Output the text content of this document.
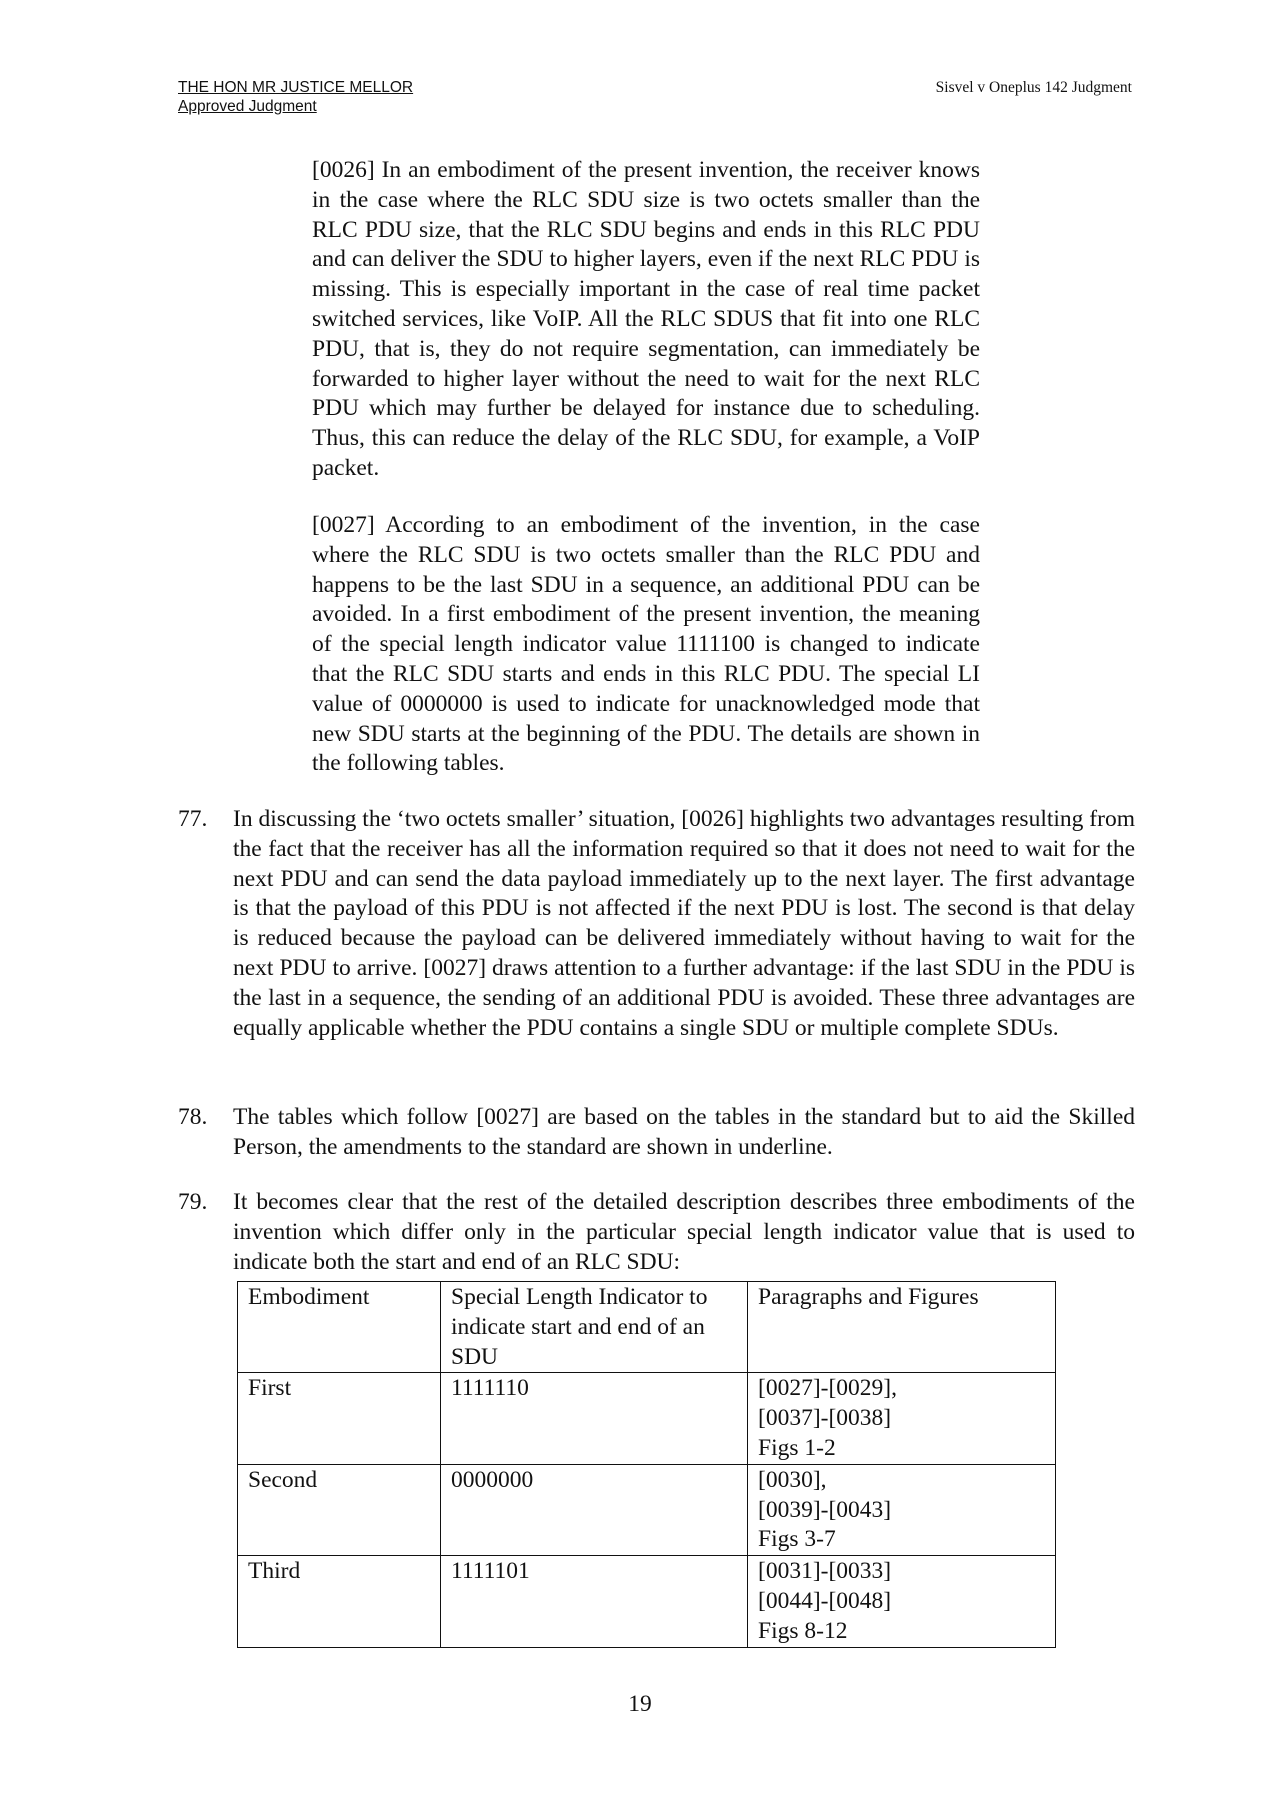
THE HON MR JUSTICE MELLOR
Approved Judgment
Sisvel v Oneplus 142 Judgment

[0026] In an embodiment of the present invention, the receiver knows in the case where the RLC SDU size is two octets smaller than the RLC PDU size, that the RLC SDU begins and ends in this RLC PDU and can deliver the SDU to higher layers, even if the next RLC PDU is missing. This is especially important in the case of real time packet switched services, like VoIP. All the RLC SDUS that fit into one RLC PDU, that is, they do not require segmentation, can immediately be forwarded to higher layer without the need to wait for the next RLC PDU which may further be delayed for instance due to scheduling. Thus, this can reduce the delay of the RLC SDU, for example, a VoIP packet.

[0027] According to an embodiment of the invention, in the case where the RLC SDU is two octets smaller than the RLC PDU and happens to be the last SDU in a sequence, an additional PDU can be avoided. In a first embodiment of the present invention, the meaning of the special length indicator value 1111100 is changed to indicate that the RLC SDU starts and ends in this RLC PDU. The special LI value of 0000000 is used to indicate for unacknowledged mode that new SDU starts at the beginning of the PDU. The details are shown in the following tables.

77. In discussing the ‘two octets smaller’ situation, [0026] highlights two advantages resulting from the fact that the receiver has all the information required so that it does not need to wait for the next PDU and can send the data payload immediately up to the next layer. The first advantage is that the payload of this PDU is not affected if the next PDU is lost. The second is that delay is reduced because the payload can be delivered immediately without having to wait for the next PDU to arrive. [0027] draws attention to a further advantage: if the last SDU in the PDU is the last in a sequence, the sending of an additional PDU is avoided. These three advantages are equally applicable whether the PDU contains a single SDU or multiple complete SDUs.

78. The tables which follow [0027] are based on the tables in the standard but to aid the Skilled Person, the amendments to the standard are shown in underline.

79. It becomes clear that the rest of the detailed description describes three embodiments of the invention which differ only in the particular special length indicator value that is used to indicate both the start and end of an RLC SDU:

Embodiment	Special Length Indicator to indicate start and end of an SDU	Paragraphs and Figures
First	1111110	[0027]-[0029],
[0037]-[0038]
Figs 1-2

Second	0000000	[0030],
[0039]-[0043]
Figs 3-7

Third	1111101	[0031]-[0033]
[0044]-[0048]
Figs 8-12
19
